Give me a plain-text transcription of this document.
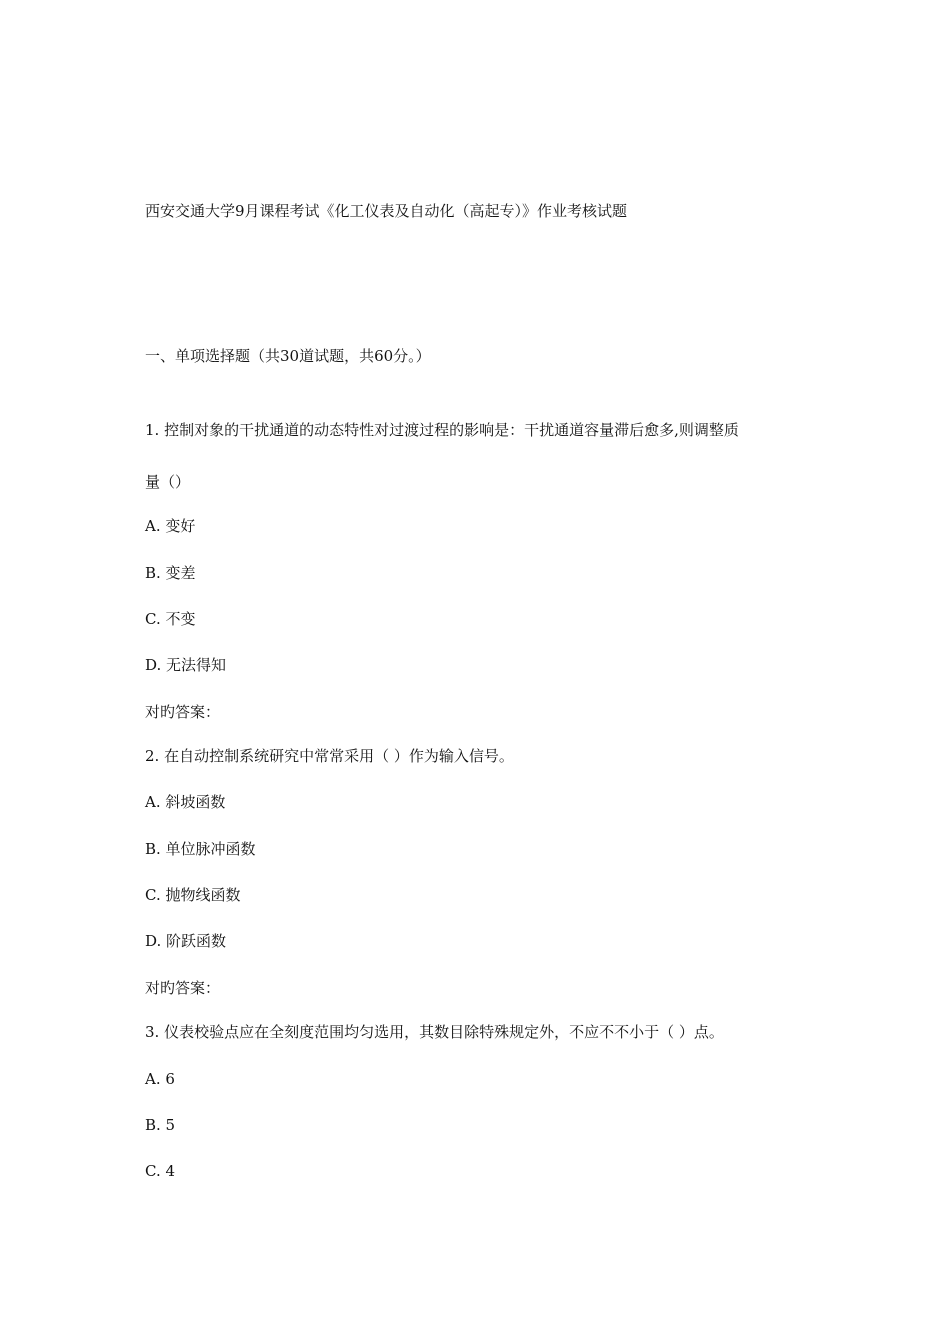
西安交通大学9月课程考试《化工仪表及自动化（高起专）》作业考核试题
一、单项选择题（共30道试题，共60分。）
1. 控制对象的干扰通道的动态特性对过渡过程的影响是：干扰通道容量滞后愈多,则调整质
量（）
A. 变好
B. 变差
C. 不变
D. 无法得知
对旳答案：
2. 在自动控制系统研究中常常采用（ ）作为输入信号。
A. 斜坡函数
B. 单位脉冲函数
C. 抛物线函数
D. 阶跃函数
对旳答案：
3. 仪表校验点应在全刻度范围均匀选用，其数目除特殊规定外，不应不不小于（ ）点。
A. 6
B. 5
C. 4
